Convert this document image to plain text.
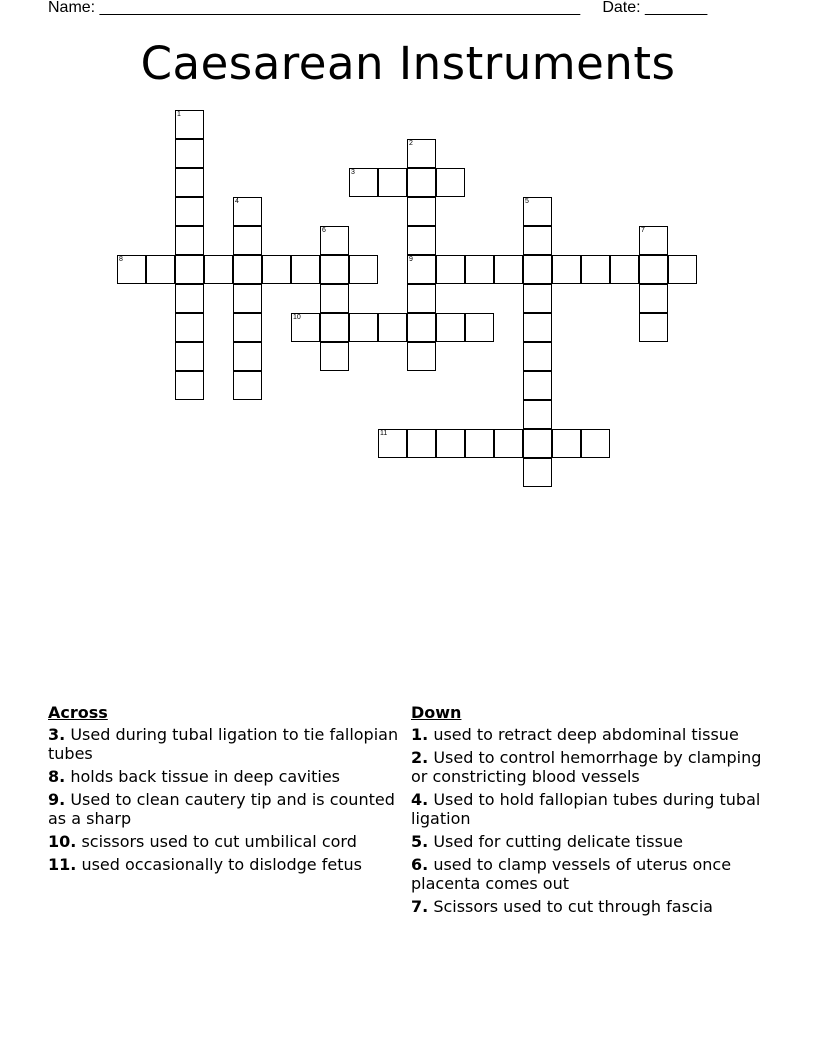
Name: ______________________________________________________ Date: _______
Caesarean Instruments
1
2
9
3
4	5
6	7
8
10
11
Across
3. Used during tubal ligation to tie fallopian tubes
8. holds back tissue in deep cavities
9. Used to clean cautery tip and is counted as a sharp
10. scissors used to cut umbilical cord
11. used occasionally to dislodge fetus
Down
1. used to retract deep abdominal tissue
2. Used to control hemorrhage by clamping or constricting blood vessels
4. Used to hold fallopian tubes during tubal ligation
5. Used for cutting delicate tissue
6. used to clamp vessels of uterus once placenta comes out
7. Scissors used to cut through fascia
